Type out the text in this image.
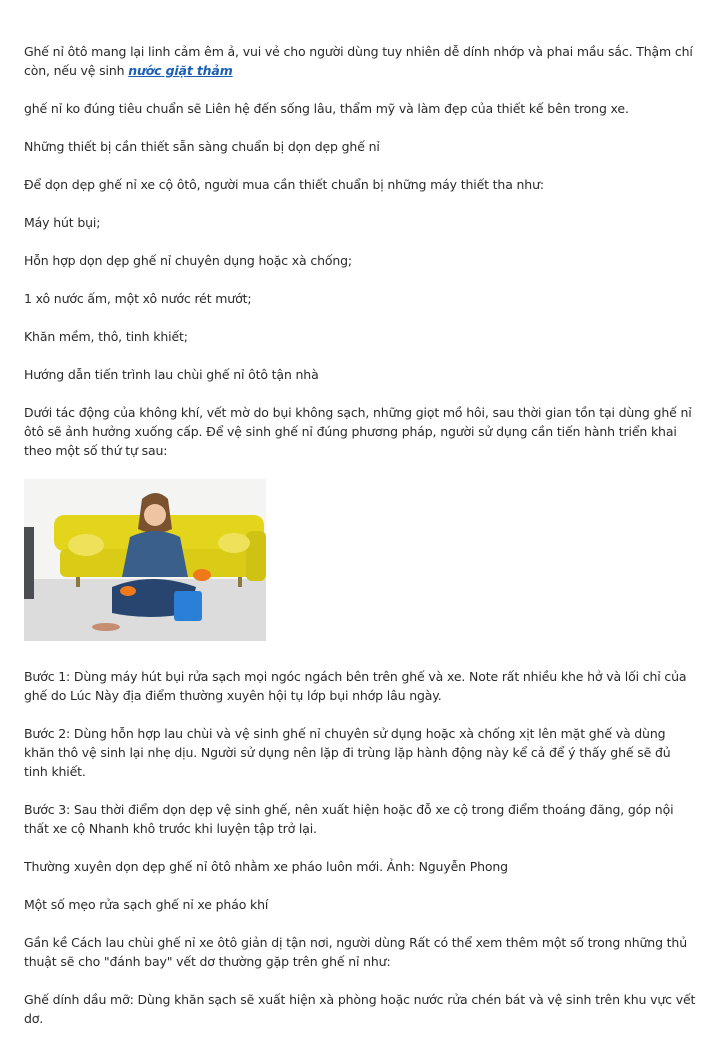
Ghế nỉ ôtô mang lại linh cảm êm ả, vui vẻ cho người dùng tuy nhiên dễ dính nhớp và phai mầu sắc. Thậm chí còn, nếu vệ sinh nước giặt thảm

ghế nỉ ko đúng tiêu chuẩn sẽ Liên hệ đến sống lâu, thẩm mỹ và làm đẹp của thiết kế bên trong xe.

Những thiết bị cần thiết sẵn sàng chuẩn bị dọn dẹp ghế nỉ

Để dọn dẹp ghế nỉ xe cộ ôtô, người mua cần thiết chuẩn bị những máy thiết tha như:

Máy hút bụi;

Hỗn hợp dọn dẹp ghế nỉ chuyên dụng hoặc xà chống;

1 xô nước ấm, một xô nước rét mướt;

Khăn mềm, thô, tinh khiết;

Hướng dẫn tiến trình lau chùi ghế nỉ ôtô tận nhà

Dưới tác động của không khí, vết mờ do bụi không sạch, những giọt mồ hôi, sau thời gian tồn tại dùng ghế nỉ ôtô sẽ ảnh hưởng xuống cấp. Để vệ sinh ghế nỉ đúng phương pháp, người sử dụng cần tiến hành triển khai theo một số thứ tự sau:

Bước 1: Dùng máy hút bụi rửa sạch mọi ngóc ngách bên trên ghế và xe. Note rất nhiều khe hở và lối chỉ của ghế do Lúc Này địa điểm thường xuyên hội tụ lớp bụi nhớp lâu ngày.

Bước 2: Dùng hỗn hợp lau chùi và vệ sinh ghế nỉ chuyên sử dụng hoặc xà chống xịt lên mặt ghế và dùng khăn thô vệ sinh lại nhẹ dịu. Người sử dụng nên lặp đi trùng lặp hành động này kể cả để ý thấy ghế sẽ đủ tinh khiết.

Bước 3: Sau thời điểm dọn dẹp vệ sinh ghế, nên xuất hiện hoặc đỗ xe cộ trong điểm thoáng đãng, góp nội thất xe cộ Nhanh khô trước khi luyện tập trở lại.

Thường xuyên dọn dẹp ghế nỉ ôtô nhằm xe pháo luôn mới. Ảnh: Nguyễn Phong

Một số mẹo rửa sạch ghế nỉ xe pháo khí

Gần kề Cách lau chùi ghế nỉ xe ôtô giản dị tận nơi, người dùng Rất có thể xem thêm một số trong những thủ thuật sẽ cho "đánh bay" vết dơ thường gặp trên ghế nỉ như:

Ghế dính dầu mỡ: Dùng khăn sạch sẽ xuất hiện xà phòng hoặc nước rửa chén bát và vệ sinh trên khu vực vết dơ.
